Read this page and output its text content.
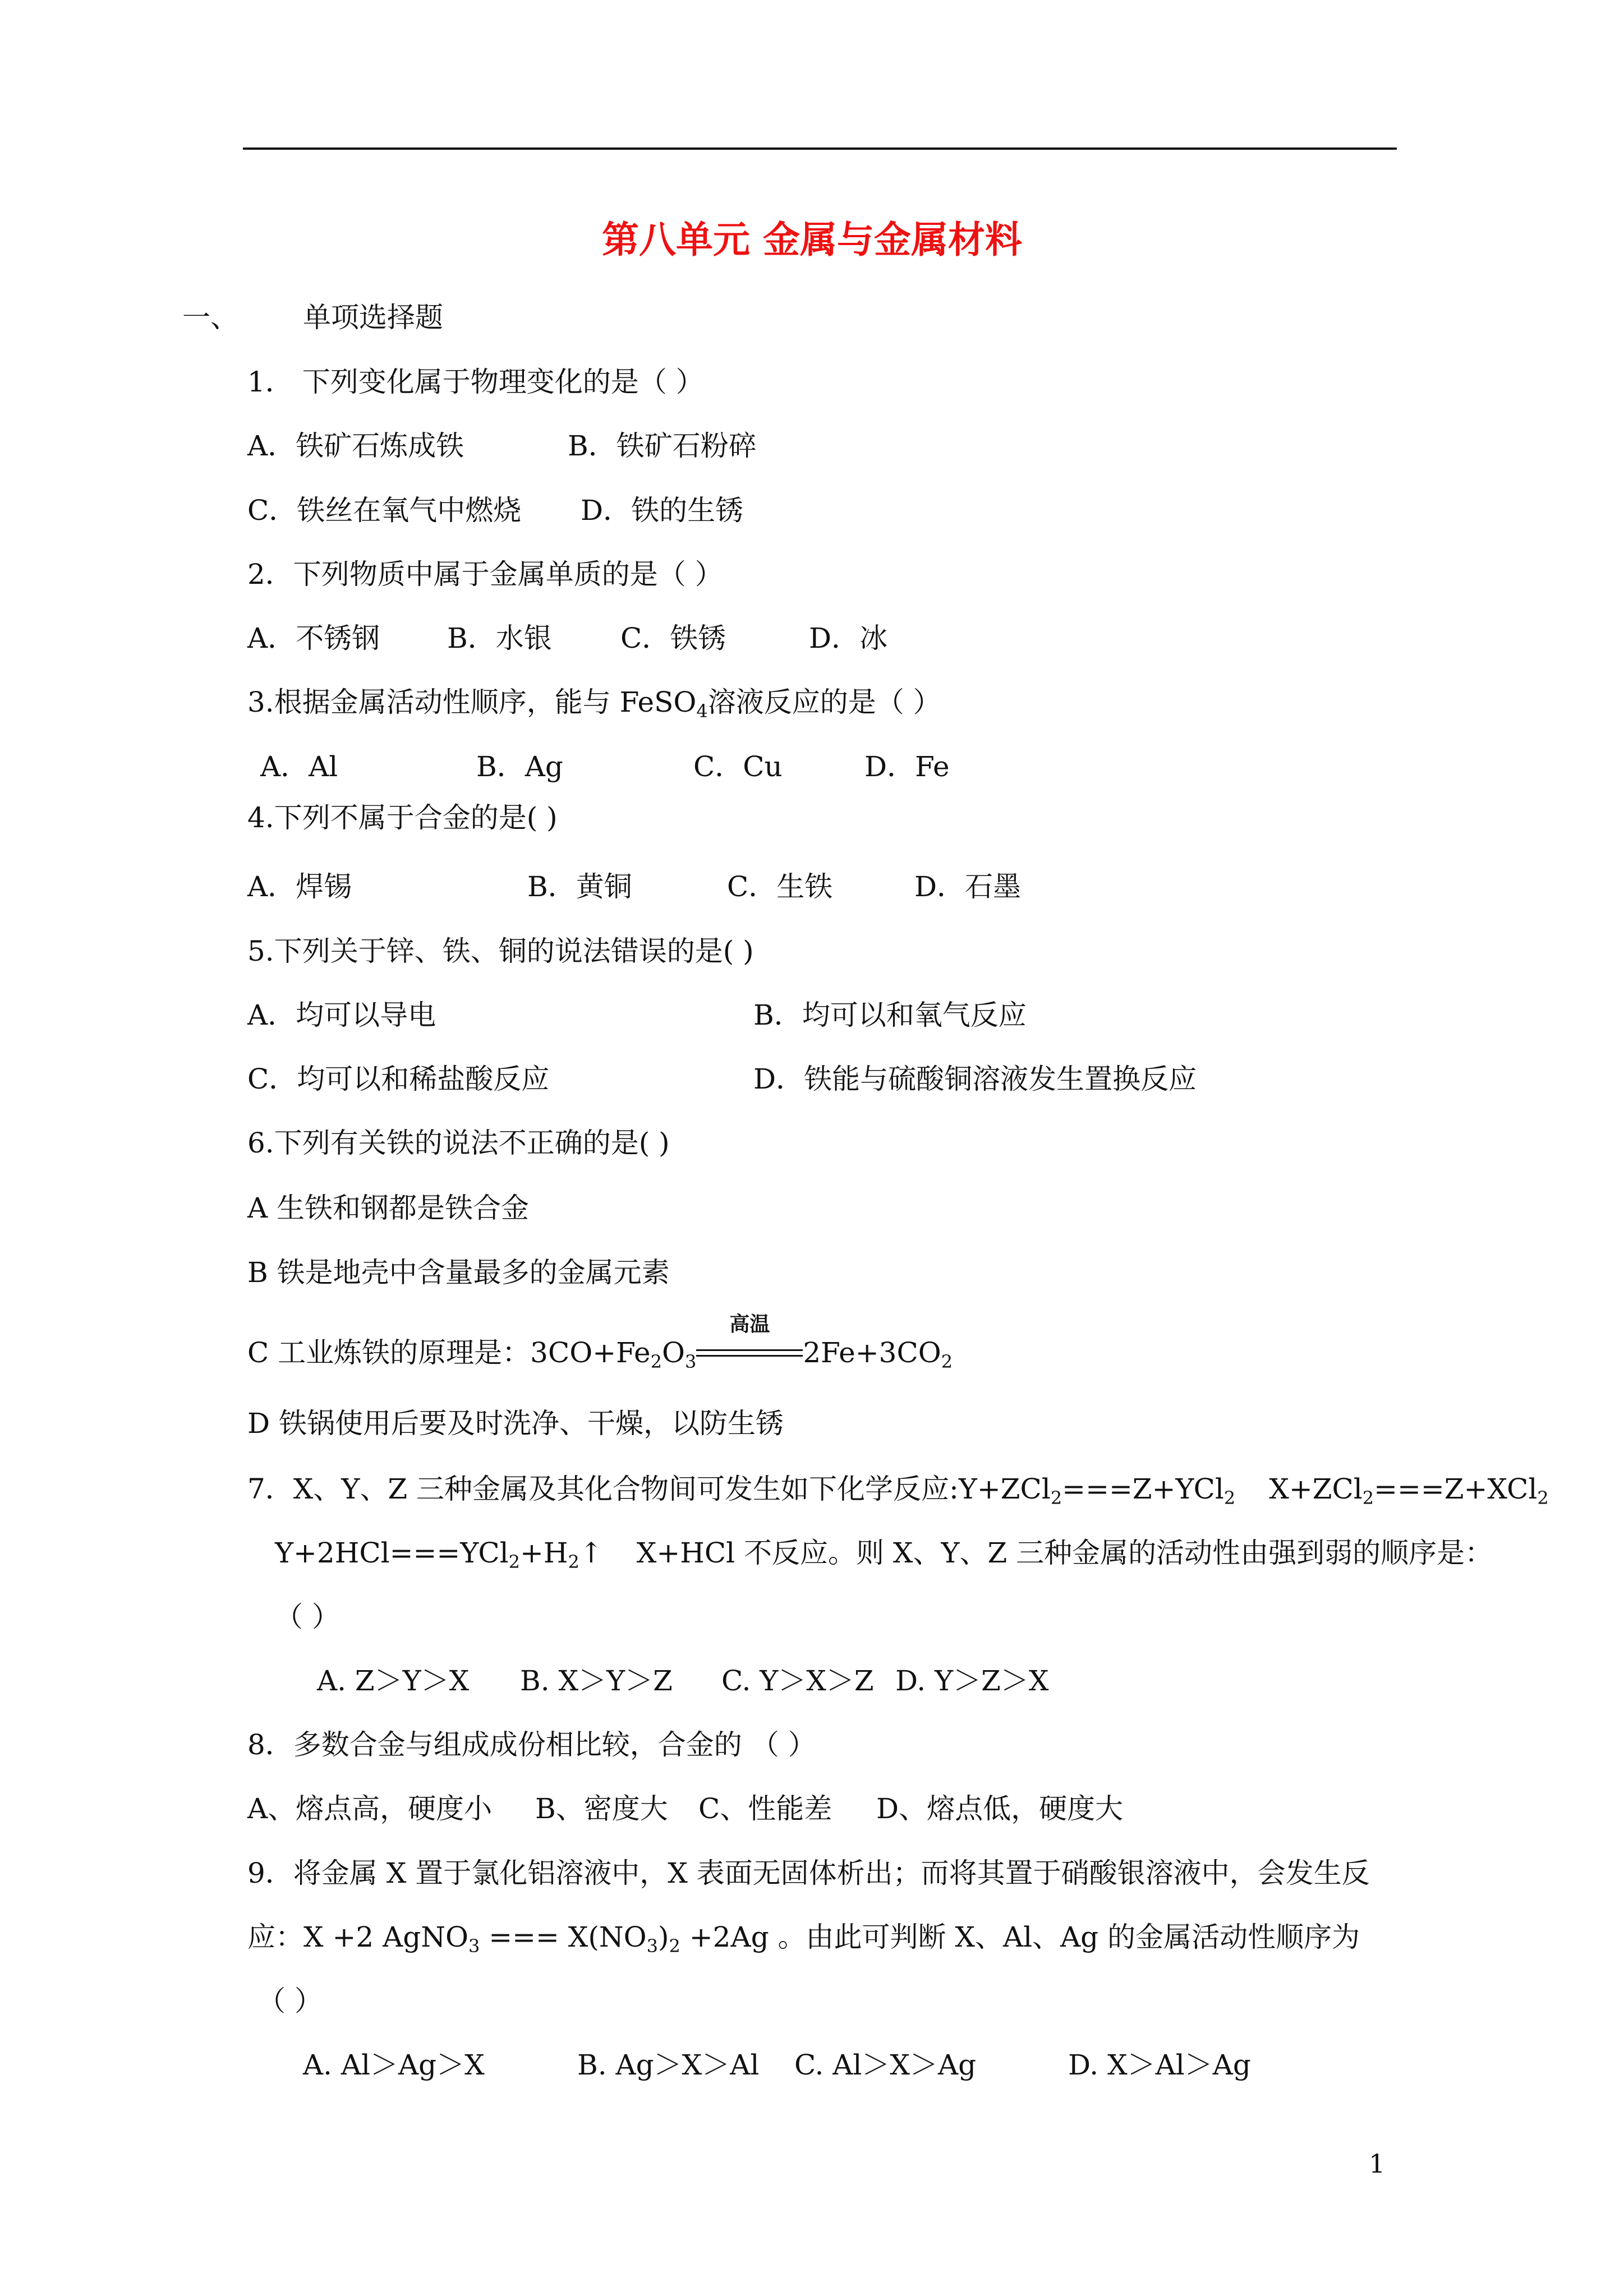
第八单元 金属与金属材料
一、 单项选择题
1． 下列变化属于物理变化的是（ ）
A．铁矿石炼成铁	B．铁矿石粉碎
C．铁丝在氧气中燃烧 D．铁的生锈
2．下列物质中属于金属单质的是（ ）
A．不锈钢 B．水银 C．铁锈	D．冰
3.根据金属活动性顺序，能与 FeSO$_4$溶液反应的是（ ）
A．Al	B．Ag	C．Cu	D．Fe
4.下列不属于合金的是( )
A．焊锡	B．黄铜	C．生铁	D．石墨
5.下列关于锌、铁、铜的说法错误的是( )
A．均可以导电	B．均可以和氧气反应
C．均可以和稀盐酸反应	D．铁能与硫酸铜溶液发生置换反应
6.下列有关铁的说法不正确的是( )
A 生铁和钢都是铁合金
B 铁是地壳中含量最多的金属元素
C 工业炼铁的原理是：$3CO+Fe_2O_3$
高温
$2Fe+3CO_2$
D 铁锅使用后要及时洗净、干燥，以防生锈
7．X、Y、Z 三种金属及其化合物间可发生如下化学反应:Y+ZCl$_2$===Z+YCl$_2$ X+ZCl$_2$===Z+XCl$_2$
$Y+2HCl===YCl_2+H_2↑$ X+HCl 不反应。则 X、Y、Z 三种金属的活动性由强到弱的顺序是：
（ ）
A. Z＞Y＞X B. X＞Y＞Z C. Y＞X＞Z D. Y＞Z＞X
8．多数合金与组成成份相比较，合金的 （ ）
A、熔点高，硬度小 B、密度大 C、性能差 D、熔点低，硬度大
9．将金属 X 置于氯化铝溶液中，X 表面无固体析出；而将其置于硝酸银溶液中，会发生反
应：X +2 AgNO$_3$ === $X(NO_3)_2 +2Ag$ 。由此可判断 X、Al、Ag 的金属活动性顺序为
（ ）
A. Al＞Ag＞X	B. Ag＞X＞Al C. Al＞X＞Ag	D. X＞Al＞Ag
1
